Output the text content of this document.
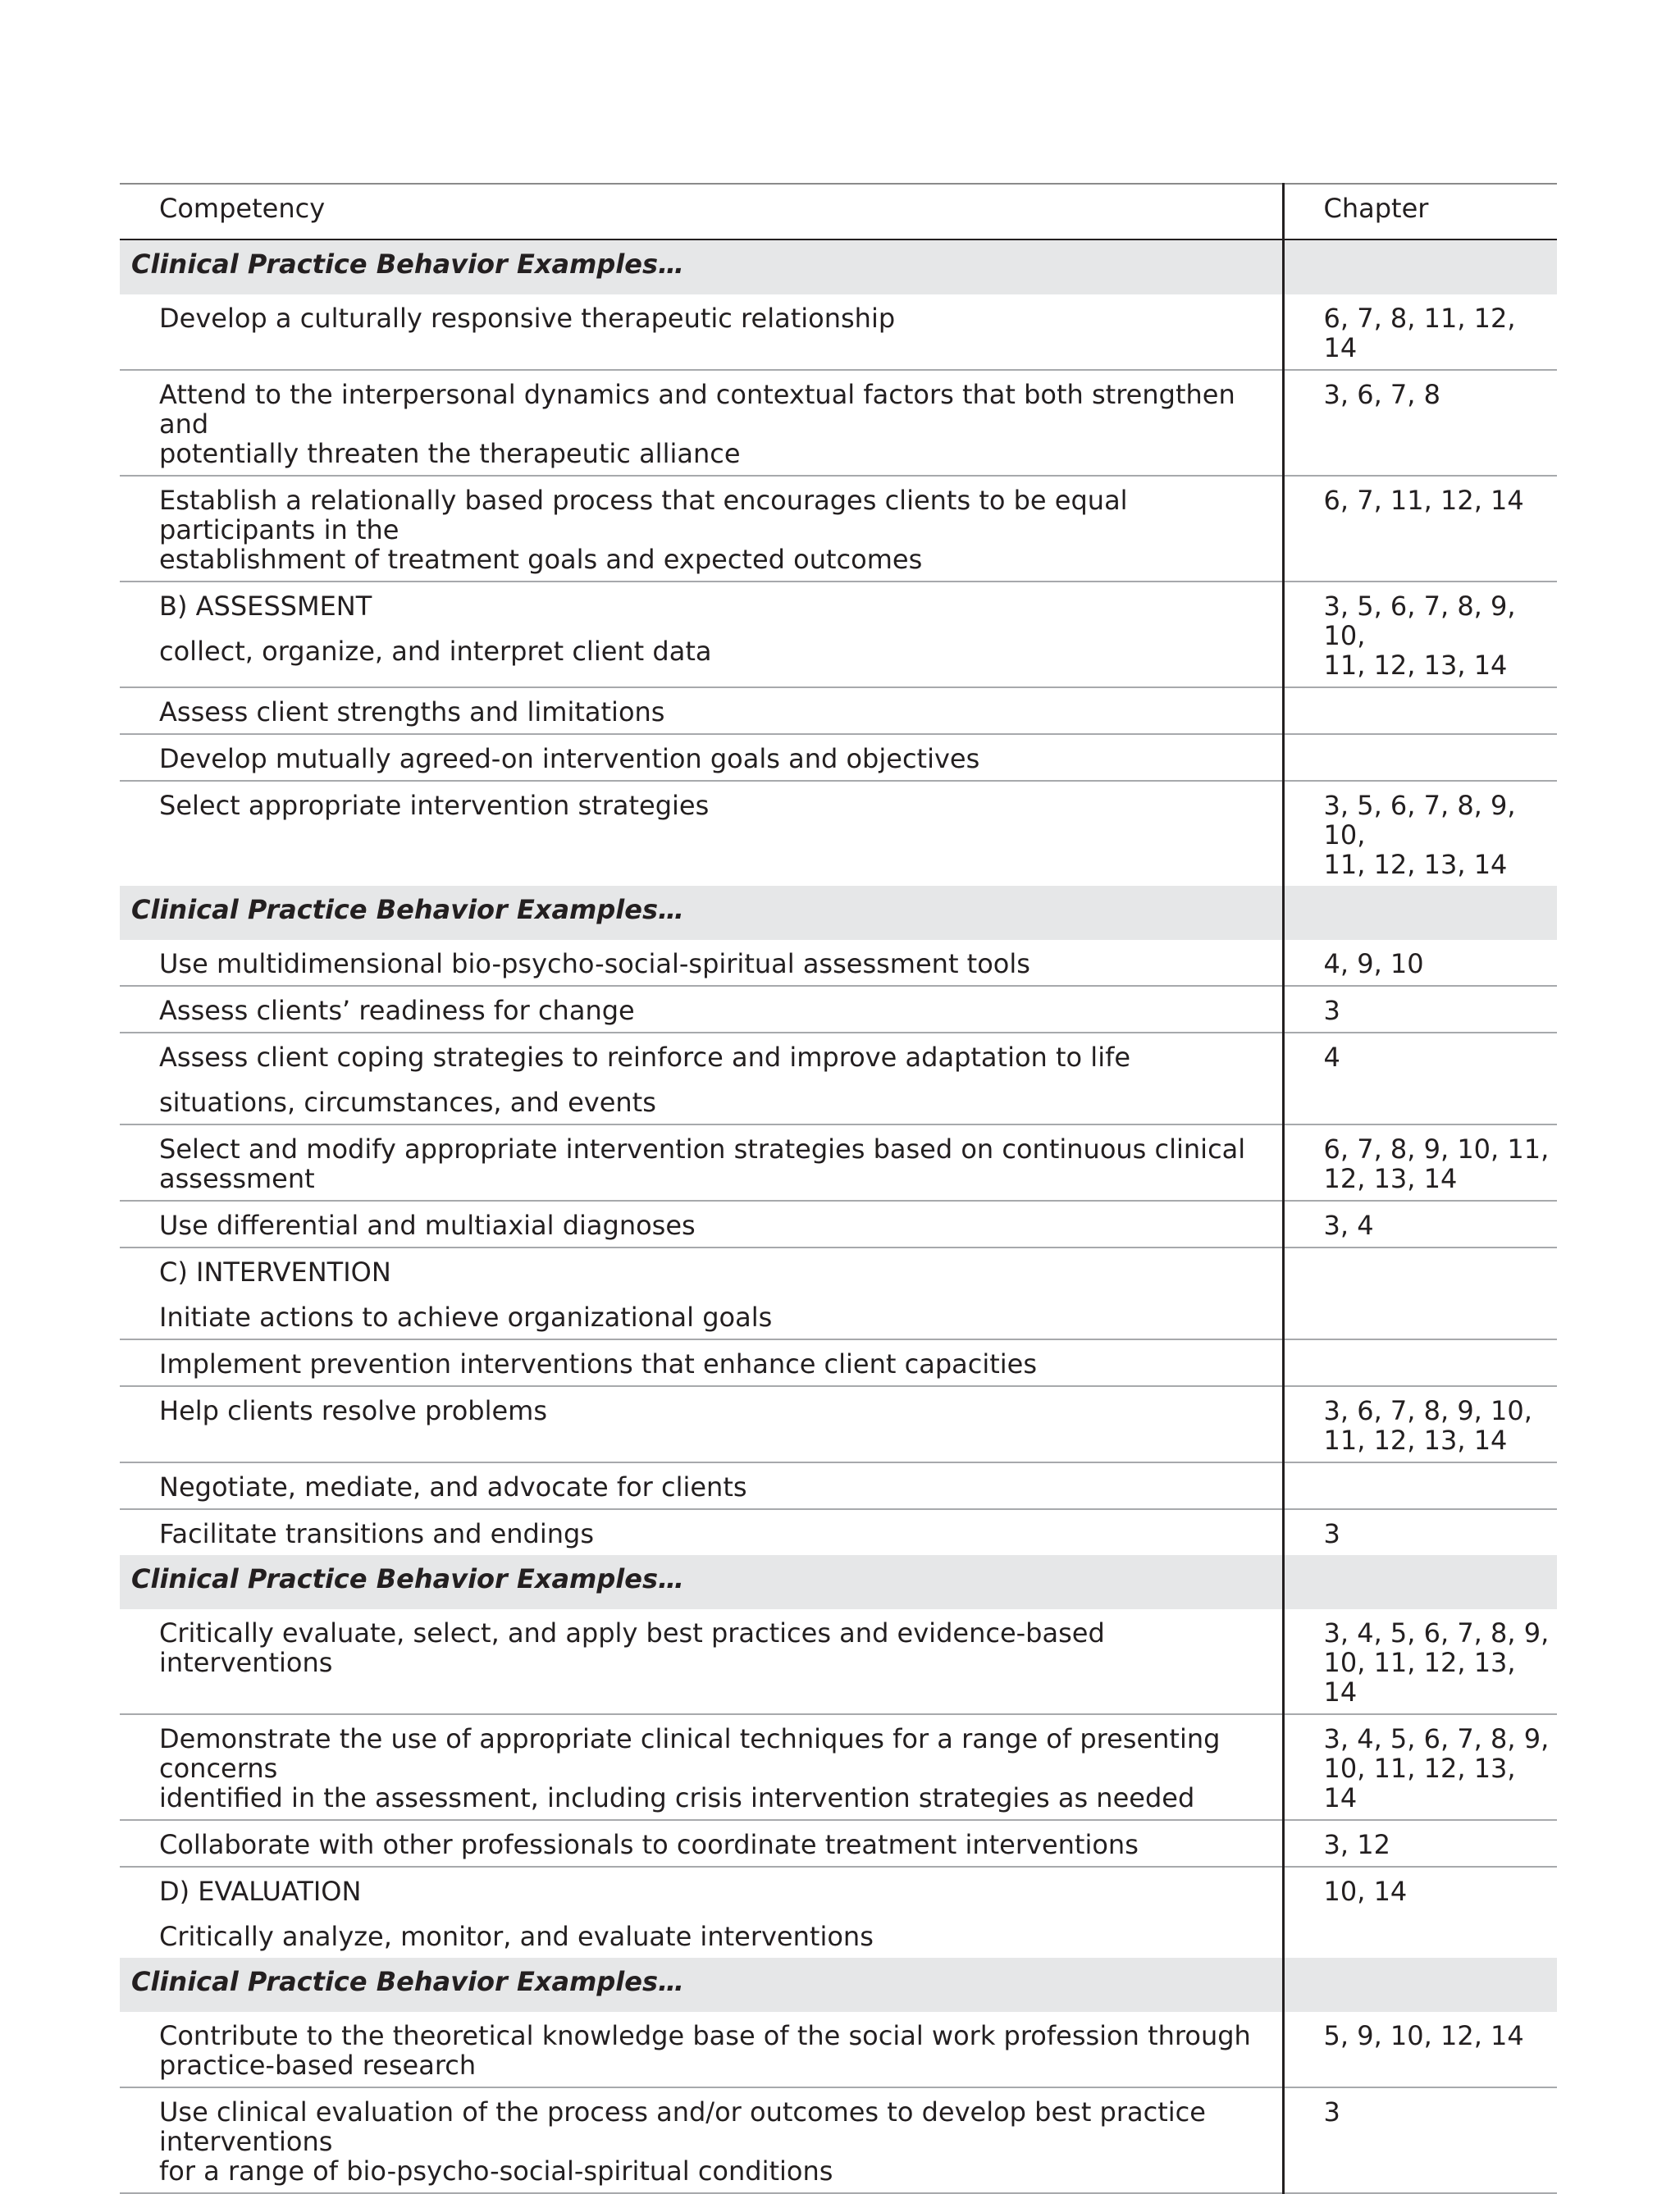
Competency	Chapter
Clinical Practice Behavior Examples…	

Develop a culturally responsive therapeutic relationship	6, 7, 8, 11, 12, 14

Attend to the interpersonal dynamics and contextual factors that both strengthen and
potentially threaten the therapeutic alliance	3, 6, 7, 8

Establish a relationally based process that encourages clients to be equal participants in the
establishment of treatment goals and expected outcomes	6, 7, 11, 12, 14

B) ASSESSMENT
collect, organize, and interpret client data	3, 5, 6, 7, 8, 9, 10,
11, 12, 13, 14

Assess client strengths and limitations	

Develop mutually agreed-on intervention goals and objectives	

Select appropriate intervention strategies	3, 5, 6, 7, 8, 9, 10,
11, 12, 13, 14

Clinical Practice Behavior Examples…	

Use multidimensional bio-psycho-social-spiritual assessment tools	4, 9, 10

Assess clients’ readiness for change	3

Assess client coping strategies to reinforce and improve adaptation to life
situations, circumstances, and events	4

Select and modify appropriate intervention strategies based on continuous clinical assessment	6, 7, 8, 9, 10, 11,
12, 13, 14

Use differential and multiaxial diagnoses	3, 4

C) INTERVENTION
Initiate actions to achieve organizational goals	

Implement prevention interventions that enhance client capacities	

Help clients resolve problems	3, 6, 7, 8, 9, 10,
11, 12, 13, 14

Negotiate, mediate, and advocate for clients	

Facilitate transitions and endings	3

Clinical Practice Behavior Examples…	

Critically evaluate, select, and apply best practices and evidence-based interventions	3, 4, 5, 6, 7, 8, 9,
10, 11, 12, 13, 14

Demonstrate the use of appropriate clinical techniques for a range of presenting concerns
identified in the assessment, including crisis intervention strategies as needed	3, 4, 5, 6, 7, 8, 9,
10, 11, 12, 13, 14

Collaborate with other professionals to coordinate treatment interventions	3, 12

D) EVALUATION
Critically analyze, monitor, and evaluate interventions	10, 14

Clinical Practice Behavior Examples…	

Contribute to the theoretical knowledge base of the social work profession through
practice-based research	5, 9, 10, 12, 14

Use clinical evaluation of the process and/or outcomes to develop best practice interventions
for a range of bio-psycho-social-spiritual conditions	3
